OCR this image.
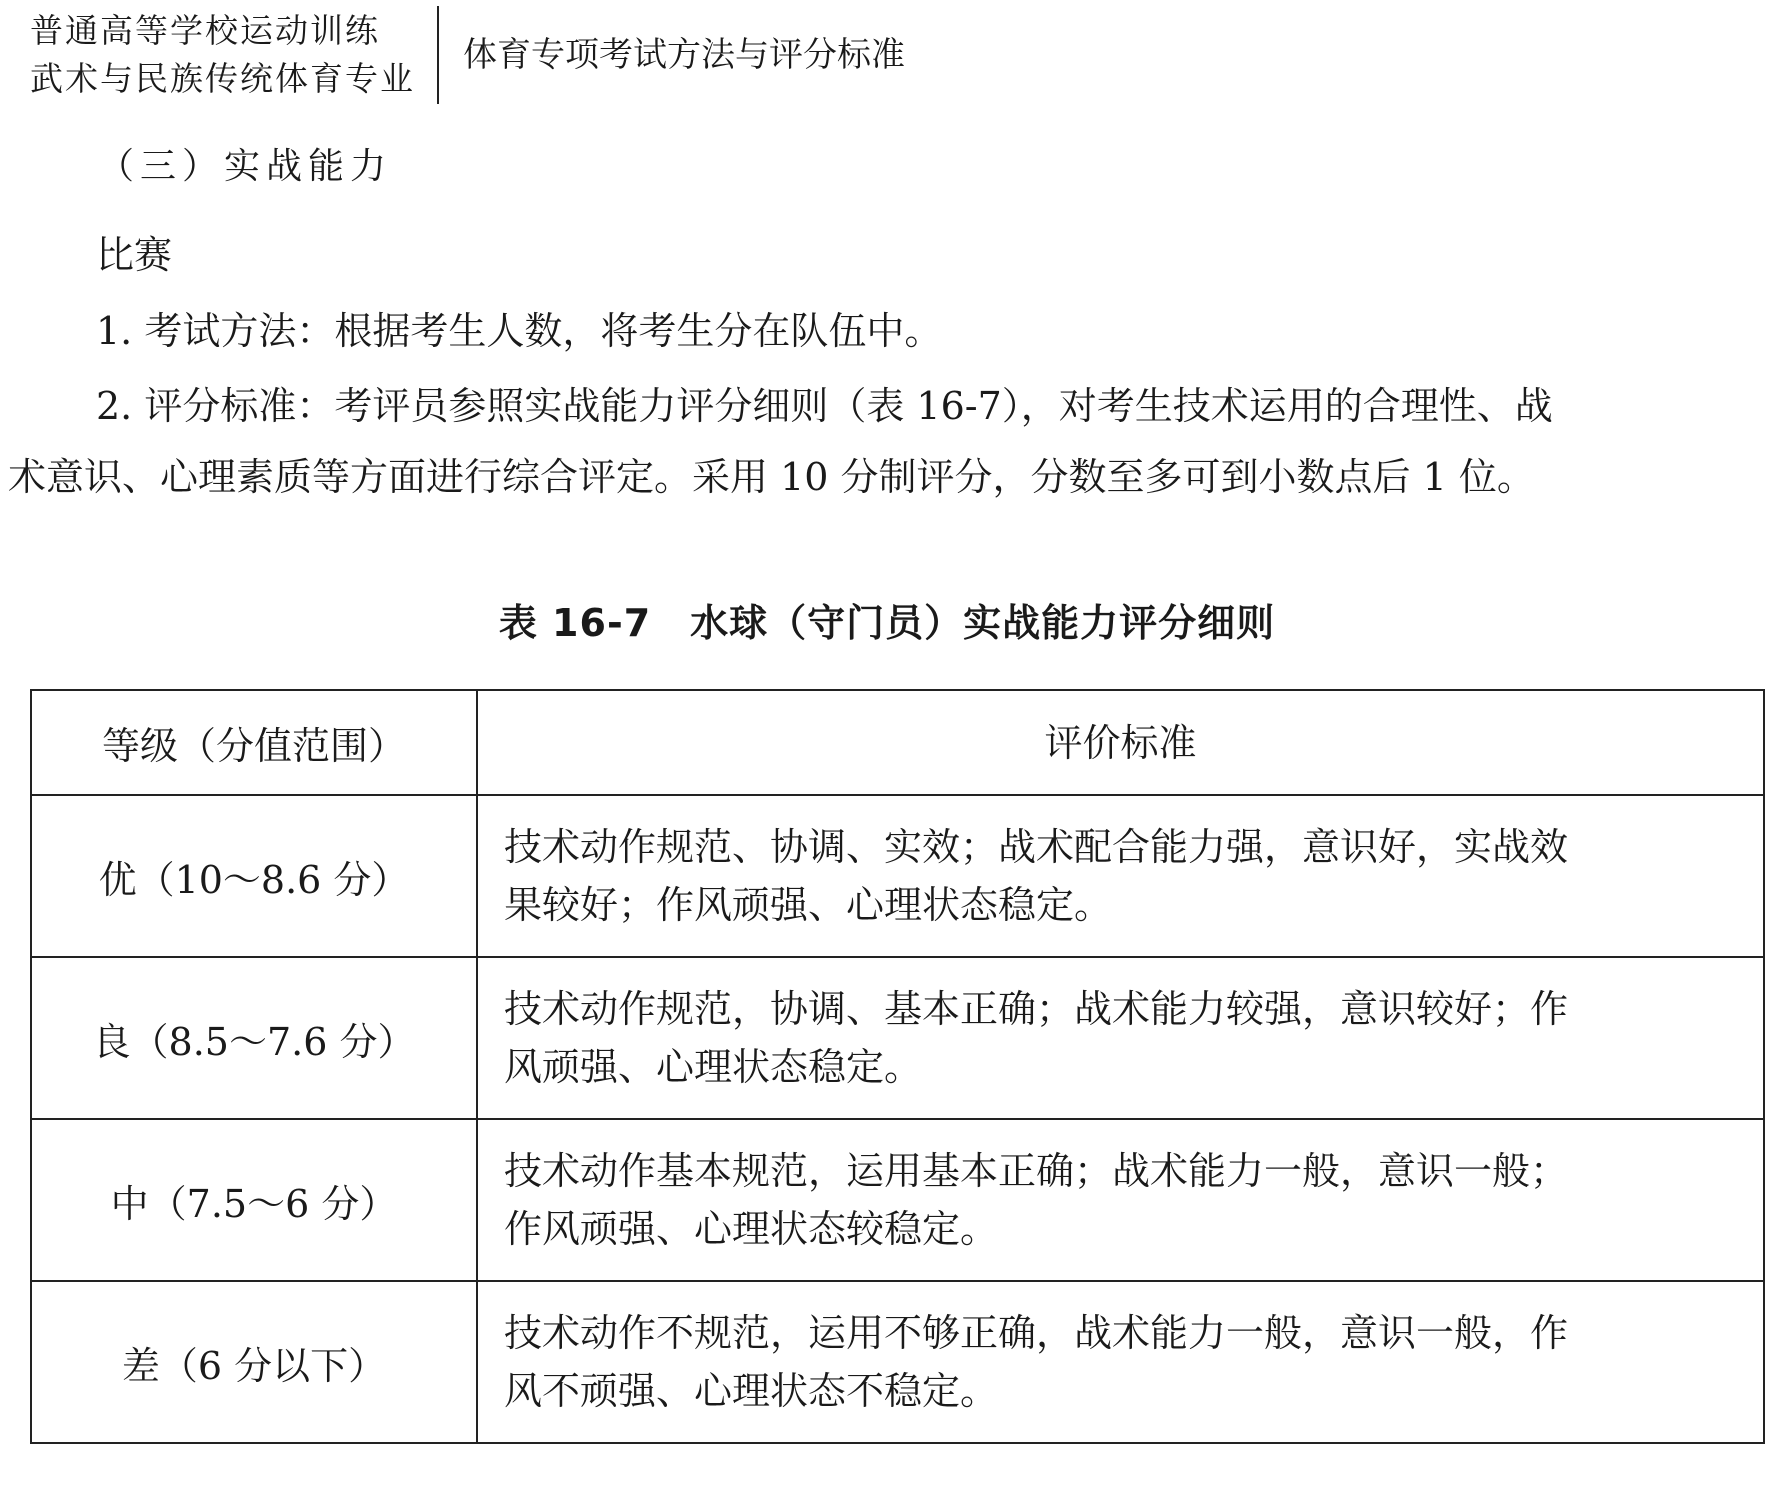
普通高等学校运动训练
武术与民族传统体育专业
体育专项考试方法与评分标准
（三）实战能力
比赛
1. 考试方法：根据考生人数，将考生分在队伍中。
2. 评分标准：考评员参照实战能力评分细则（表 16-7），对考生技术运用的合理性、战
术意识、心理素质等方面进行综合评定。采用 10 分制评分，分数至多可到小数点后 1 位。
表 16-7　水球（守门员）实战能力评分细则
等级（分值范围）	评价标准
优（10～8.6 分）	技术动作规范、协调、实效；战术配合能力强，意识好，实战效
果较好；作风顽强、心理状态稳定。

良（8.5～7.6 分）	技术动作规范，协调、基本正确；战术能力较强，意识较好；作
风顽强、心理状态稳定。

中（7.5～6 分）	技术动作基本规范，运用基本正确；战术能力一般，意识一般；
作风顽强、心理状态较稳定。

差（6 分以下）	技术动作不规范，运用不够正确，战术能力一般，意识一般，作
风不顽强、心理状态不稳定。
